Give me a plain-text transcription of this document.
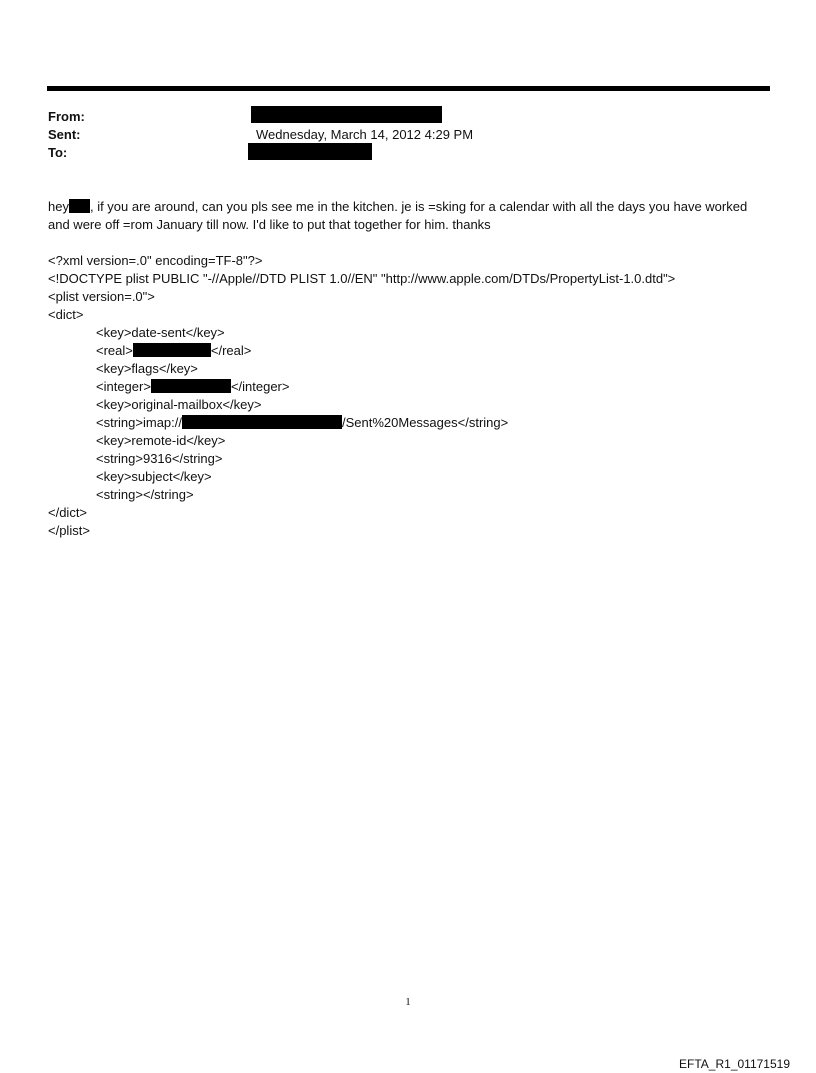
From:
Sent:	Wednesday, March 14, 2012 4:29 PM
To:
hey , if you are around, can you pls see me in the kitchen. je is =sking for a calendar with all the days you have worked
and were off =rom January till now. I'd like to put that together for him. thanks
<?xml version=.0" encoding=TF-8"?>
<!DOCTYPE plist PUBLIC "-//Apple//DTD PLIST 1.0//EN" "http://www.apple.com/DTDs/PropertyList-1.0.dtd">
<plist version=.0">
<dict>
<key>date-sent</key>
<real>	</real>
<key>flags</key>
<integer>	</integer>
<key>original-mailbox</key>
<string>imap://	/Sent%20Messages</string>
<key>remote-id</key>
<string>9316</string>
<key>subject</key>
<string></string>
</dict>
</plist>
1
EFTA_R1_01171519
